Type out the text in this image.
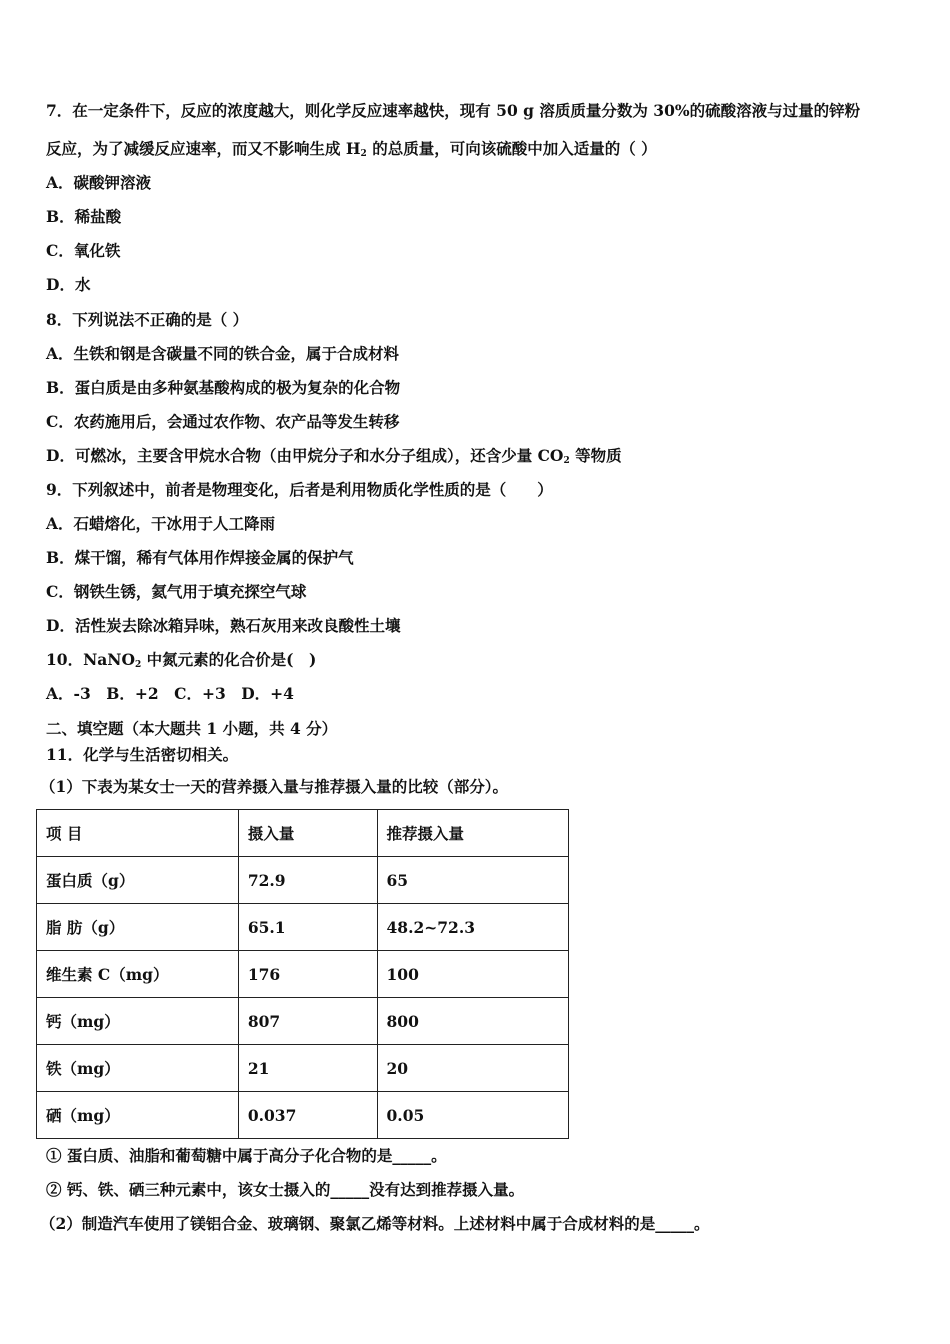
7．在一定条件下，反应的浓度越大，则化学反应速率越快，现有 50 g 溶质质量分数为 30%的硫酸溶液与过量的锌粉
反应，为了减缓反应速率，而又不影响生成 $H_2$ 的总质量，可向该硫酸中加入适量的（ ）
A．碳酸钾溶液
B．稀盐酸
C．氧化铁
D．水
8．下列说法不正确的是（ ）
A．生铁和钢是含碳量不同的铁合金，属于合成材料
B．蛋白质是由多种氨基酸构成的极为复杂的化合物
C．农药施用后，会通过农作物、农产品等发生转移
D．可燃冰，主要含甲烷水合物（由甲烷分子和水分子组成），还含少量 $CO_2$ 等物质
9．下列叙述中，前者是物理变化，后者是利用物质化学性质的是（　　）
A．石蜡熔化，干冰用于人工降雨
B．煤干馏，稀有气体用作焊接金属的保护气
C．钢铁生锈，氦气用于填充探空气球
D．活性炭去除冰箱异味，熟石灰用来改良酸性土壤
10．NaNO$_2$ 中氮元素的化合价是(　)
A．-3　B．+2　C．+3　D．+4
二、填空题（本大题共 1 小题，共 4 分）
11．化学与生活密切相关。
（1）下表为某女士一天的营养摄入量与推荐摄入量的比较（部分）。
项 目	摄入量	推荐摄入量
蛋白质（g）	72.9	65
脂 肪（g）	65.1	48.2~72.3
维生素 C（mg）	176	100
钙（mg）	807	800
铁（mg）	21	20
硒（mg）	0.037	0.05
① 蛋白质、油脂和葡萄糖中属于高分子化合物的是_____。
② 钙、铁、硒三种元素中，该女士摄入的_____没有达到推荐摄入量。
（2）制造汽车使用了镁铝合金、玻璃钢、聚氯乙烯等材料。上述材料中属于合成材料的是_____。
